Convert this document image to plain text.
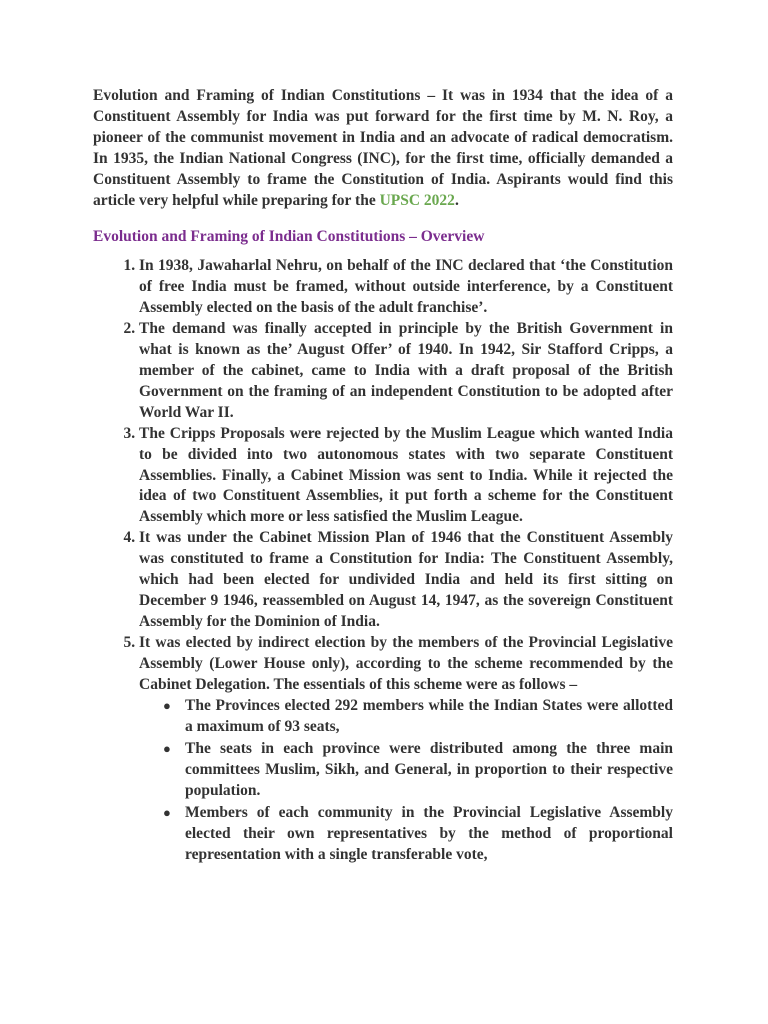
Evolution and Framing of Indian Constitutions – It was in 1934 that the idea of a Constituent Assembly for India was put forward for the first time by M. N. Roy, a pioneer of the communist movement in India and an advocate of radical democratism. In 1935, the Indian National Congress (INC), for the first time, officially demanded a Constituent Assembly to frame the Constitution of India. Aspirants would find this article very helpful while preparing for the UPSC 2022.

Evolution and Framing of Indian Constitutions – Overview
1. In 1938, Jawaharlal Nehru, on behalf of the INC declared that ‘the Constitution of free India must be framed, without outside interference, by a Constituent Assembly elected on the basis of the adult franchise’.
2. The demand was finally accepted in principle by the British Government in what is known as the’ August Offer’ of 1940. In 1942, Sir Stafford Cripps, a member of the cabinet, came to India with a draft proposal of the British Government on the framing of an independent Constitution to be adopted after World War II.
3. The Cripps Proposals were rejected by the Muslim League which wanted India to be divided into two autonomous states with two separate Constituent Assemblies. Finally, a Cabinet Mission was sent to India. While it rejected the idea of two Constituent Assemblies, it put forth a scheme for the Constituent Assembly which more or less satisfied the Muslim League.
4. It was under the Cabinet Mission Plan of 1946 that the Constituent Assembly was constituted to frame a Constitution for India: The Constituent Assembly, which had been elected for undivided India and held its first sitting on December 9 1946, reassembled on August 14, 1947, as the sovereign Constituent Assembly for the Dominion of India.
5. It was elected by indirect election by the members of the Provincial Legislative Assembly (Lower House only), according to the scheme recommended by the Cabinet Delegation. The essentials of this scheme were as follows –
● The Provinces elected 292 members while the Indian States were allotted a maximum of 93 seats,
● The seats in each province were distributed among the three main committees Muslim, Sikh, and General, in proportion to their respective population.
● Members of each community in the Provincial Legislative Assembly elected their own representatives by the method of proportional representation with a single transferable vote,
